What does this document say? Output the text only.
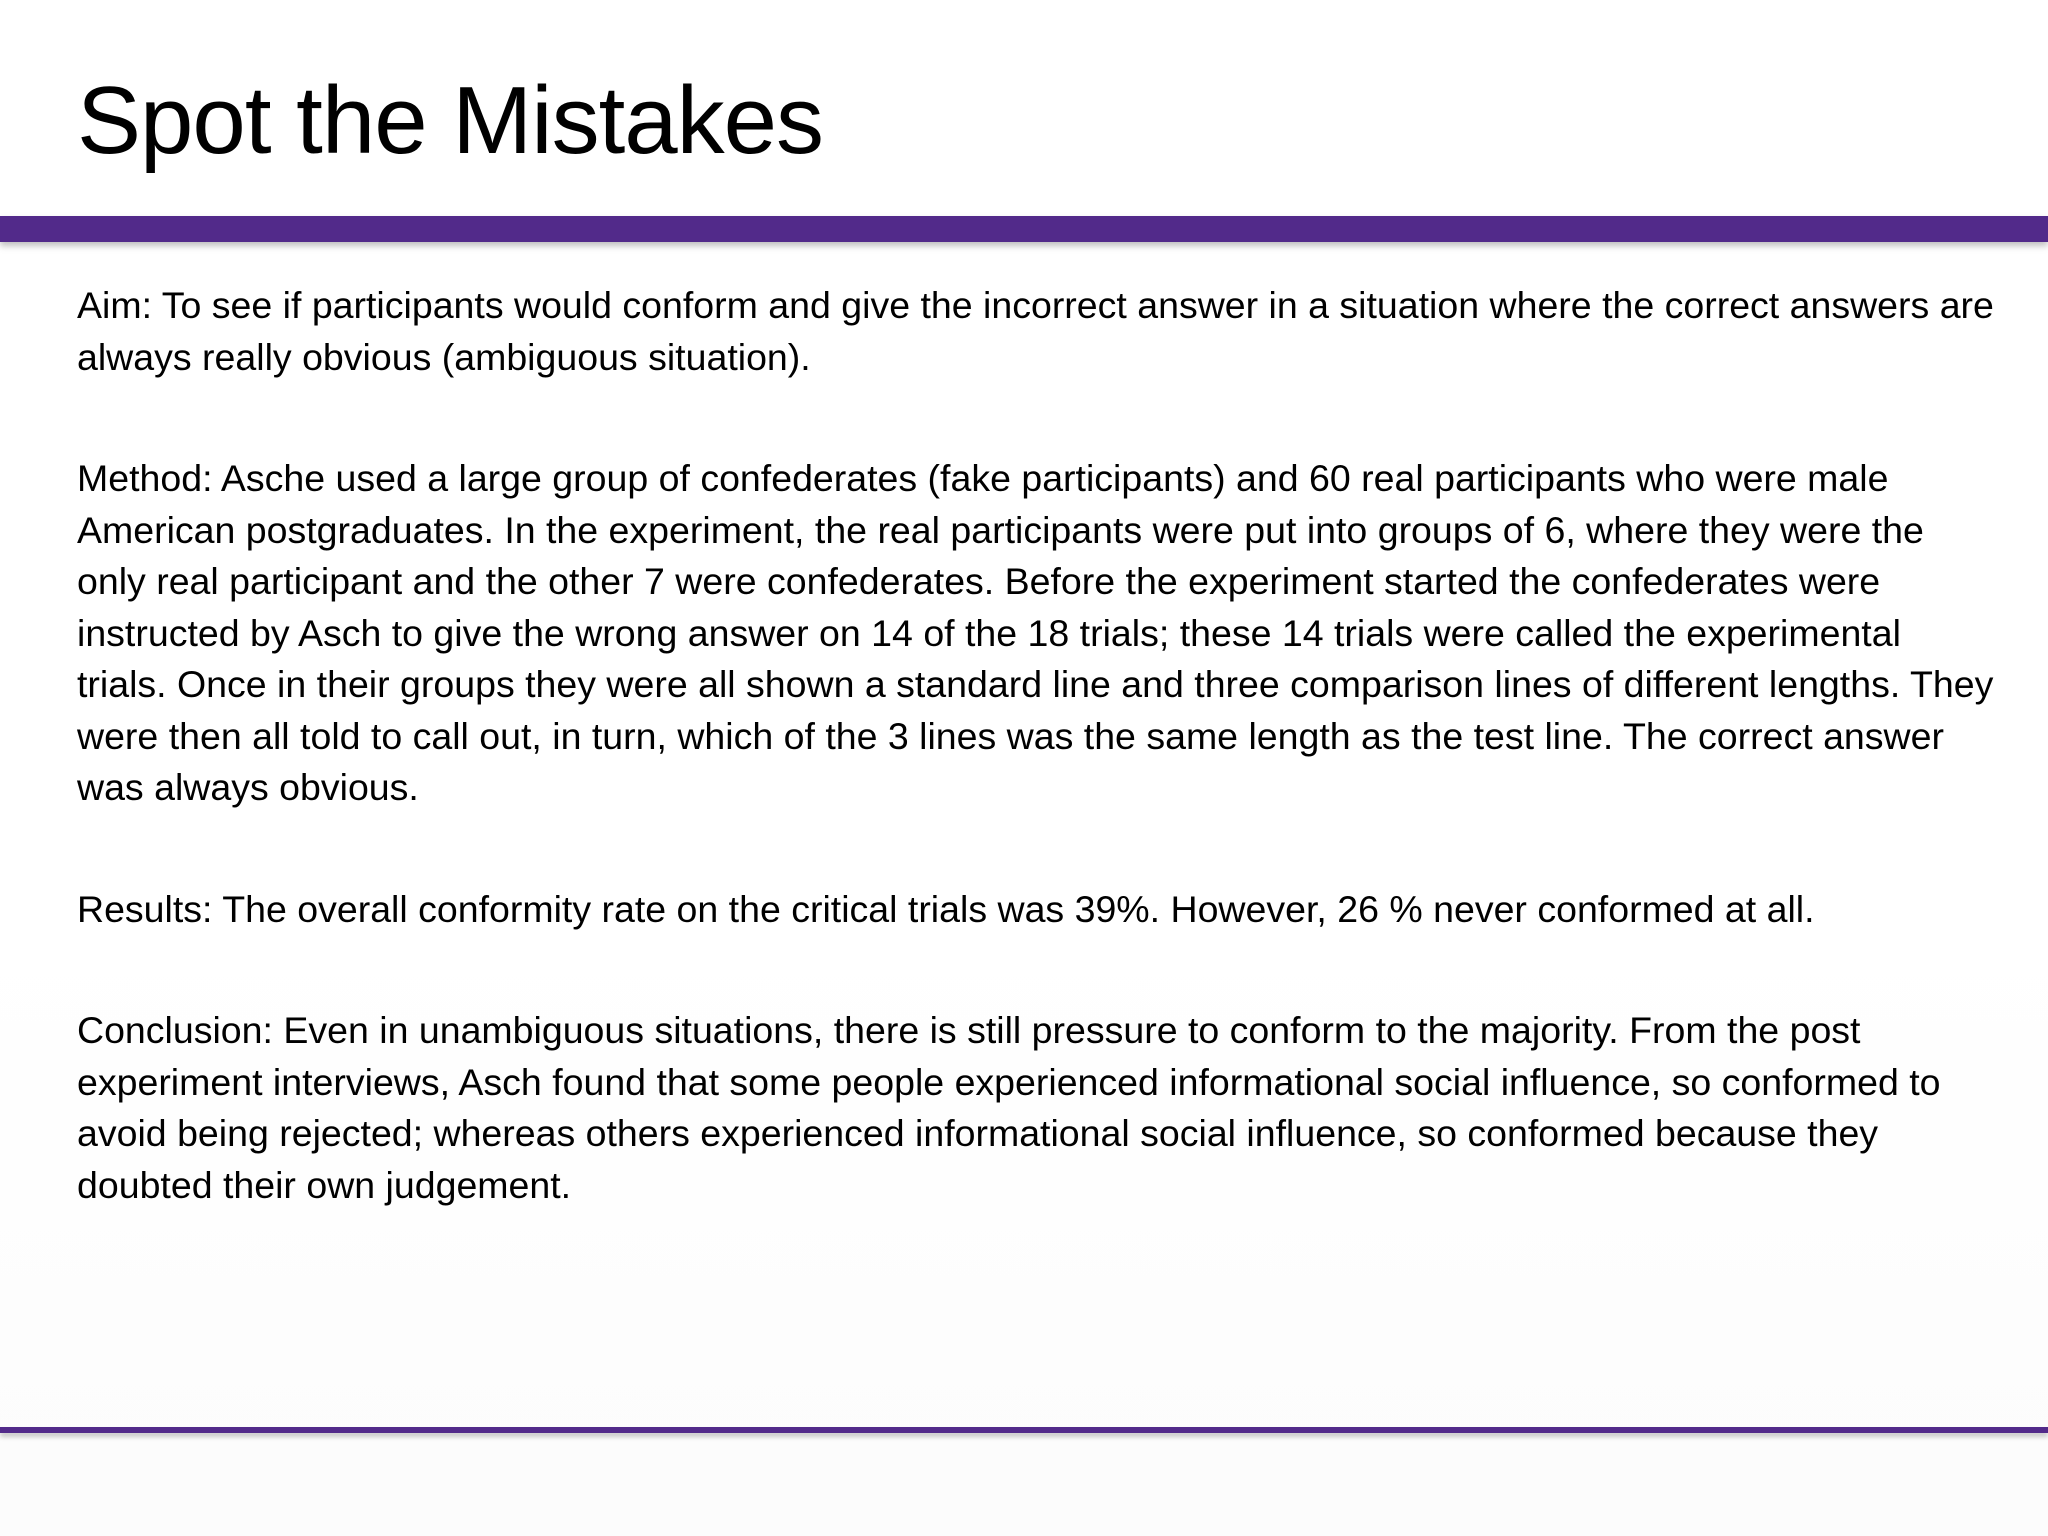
Spot the Mistakes

Aim: To see if participants would conform and give the incorrect answer in a situation where the correct answers are always really obvious (ambiguous situation).

Method: Asche used a large group of confederates (fake participants) and 60 real participants who were male American postgraduates. In the experiment, the real participants were put into groups of 6, where they were the only real participant and the other 7 were confederates. Before the experiment started the confederates were instructed by Asch to give the wrong answer on 14 of the 18 trials; these 14 trials were called the experimental trials. Once in their groups they were all shown a standard line and three comparison lines of different lengths. They were then all told to call out, in turn, which of the 3 lines was the same length as the test line. The correct answer was always obvious.

Results: The overall conformity rate on the critical trials was 39%. However, 26 % never conformed at all.

Conclusion: Even in unambiguous situations, there is still pressure to conform to the majority. From the post experiment interviews, Asch found that some people experienced informational social influence, so conformed to avoid being rejected; whereas others experienced informational social influence, so conformed because they doubted their own judgement.
